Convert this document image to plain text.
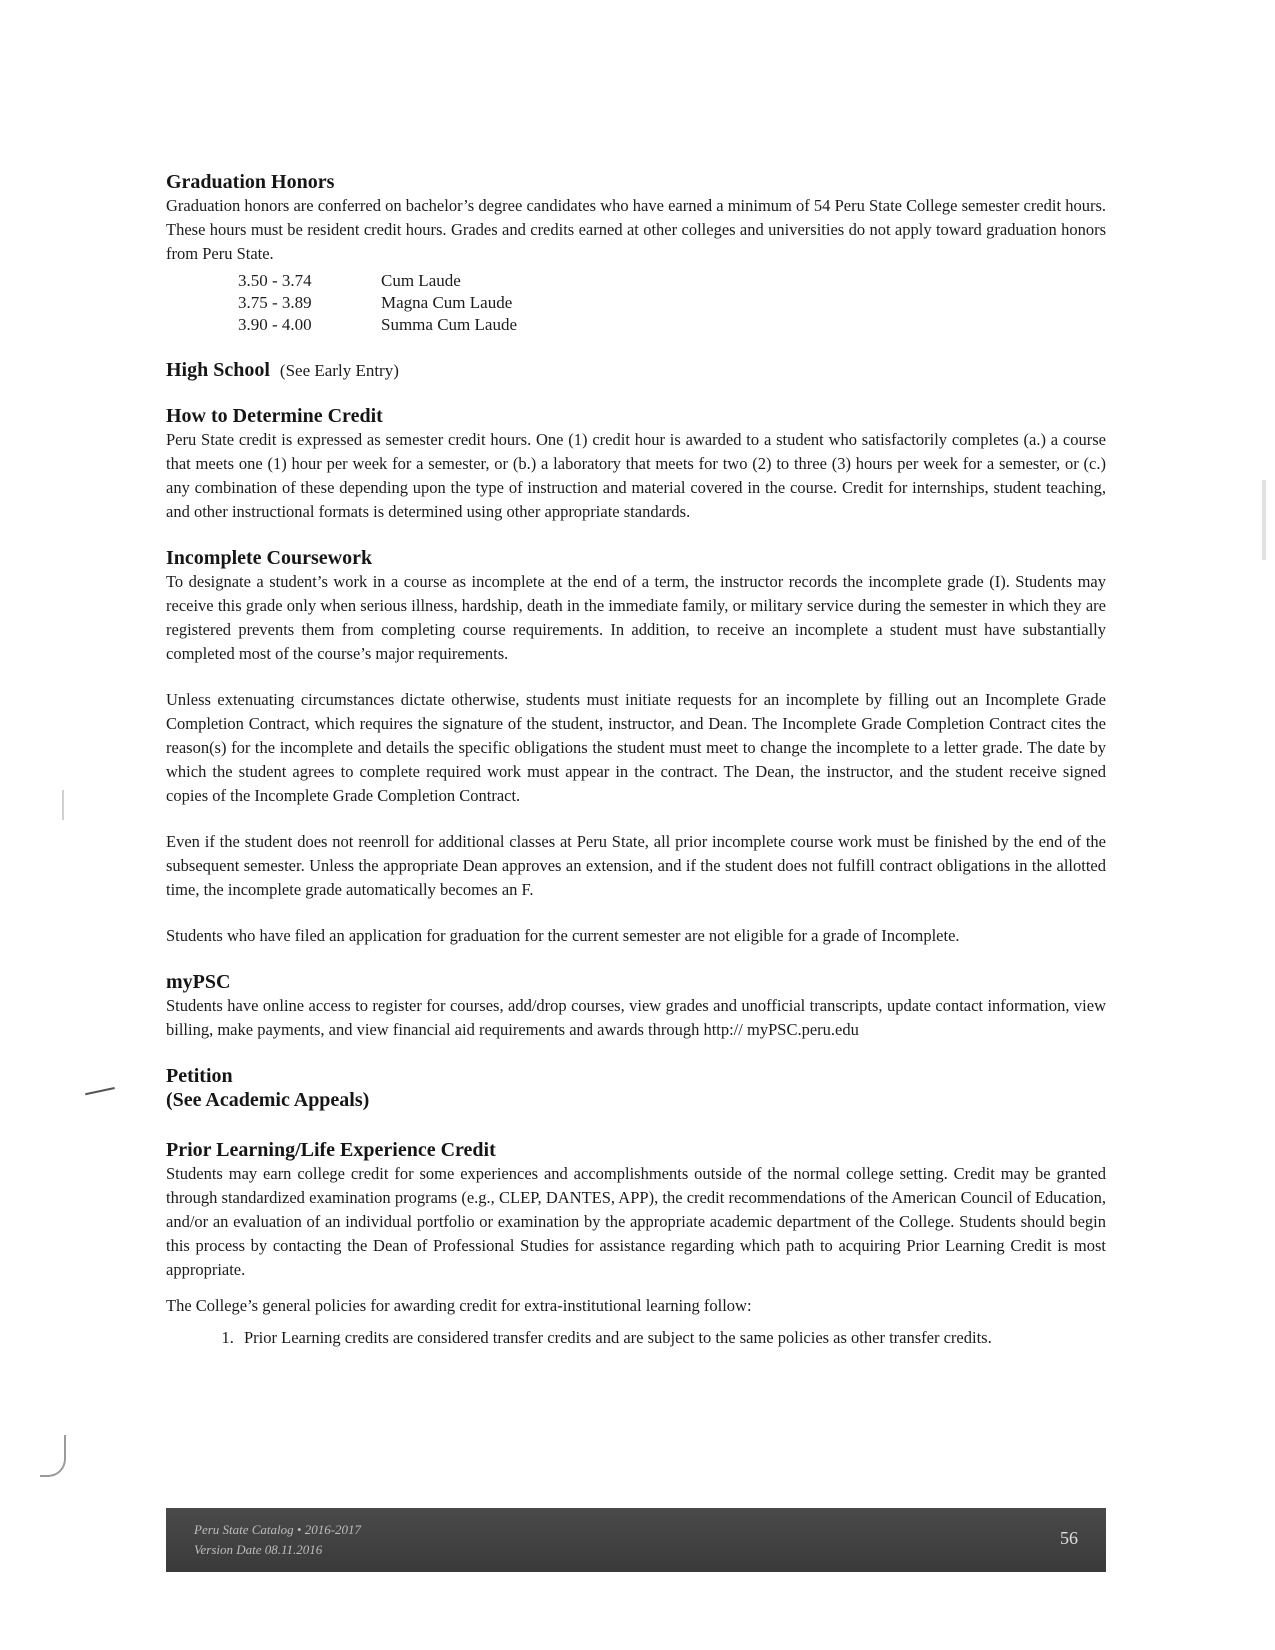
Graduation Honors

Graduation honors are conferred on bachelor’s degree candidates who have earned a minimum of 54 Peru State College semester credit hours. These hours must be resident credit hours. Grades and credits earned at other colleges and universities do not apply toward graduation honors from Peru State.

3.50 - 3.74	Cum Laude
3.75 - 3.89	Magna Cum Laude
3.90 - 4.00	Summa Cum Laude
High School (See Early Entry)
How to Determine Credit

Peru State credit is expressed as semester credit hours. One (1) credit hour is awarded to a student who satisfactorily completes (a.) a course that meets one (1) hour per week for a semester, or (b.) a laboratory that meets for two (2) to three (3) hours per week for a semester, or (c.) any combination of these depending upon the type of instruction and material covered in the course. Credit for internships, student teaching, and other instructional formats is determined using other appropriate standards.

Incomplete Coursework

To designate a student’s work in a course as incomplete at the end of a term, the instructor records the incomplete grade (I). Students may receive this grade only when serious illness, hardship, death in the immediate family, or military service during the semester in which they are registered prevents them from completing course requirements. In addition, to receive an incomplete a student must have substantially completed most of the course’s major requirements.

Unless extenuating circumstances dictate otherwise, students must initiate requests for an incomplete by filling out an Incomplete Grade Completion Contract, which requires the signature of the student, instructor, and Dean. The Incomplete Grade Completion Contract cites the reason(s) for the incomplete and details the specific obligations the student must meet to change the incomplete to a letter grade. The date by which the student agrees to complete required work must appear in the contract. The Dean, the instructor, and the student receive signed copies of the Incomplete Grade Completion Contract.

Even if the student does not reenroll for additional classes at Peru State, all prior incomplete course work must be finished by the end of the subsequent semester. Unless the appropriate Dean approves an extension, and if the student does not fulfill contract obligations in the allotted time, the incomplete grade automatically becomes an F.

Students who have filed an application for graduation for the current semester are not eligible for a grade of Incomplete.

myPSC

Students have online access to register for courses, add/drop courses, view grades and unofficial transcripts, update contact information, view billing, make payments, and view financial aid requirements and awards through http:// myPSC.peru.edu

Petition
(See Academic Appeals)
Prior Learning/Life Experience Credit

Students may earn college credit for some experiences and accomplishments outside of the normal college setting. Credit may be granted through standardized examination programs (e.g., CLEP, DANTES, APP), the credit recommendations of the American Council of Education, and/or an evaluation of an individual portfolio or examination by the appropriate academic department of the College. Students should begin this process by contacting the Dean of Professional Studies for assistance regarding which path to acquiring Prior Learning Credit is most appropriate.

The College’s general policies for awarding credit for extra-institutional learning follow:

1. Prior Learning credits are considered transfer credits and are subject to the same policies as other transfer credits.
Peru State Catalog • 2016-2017
Version Date 08.11.2016
56
